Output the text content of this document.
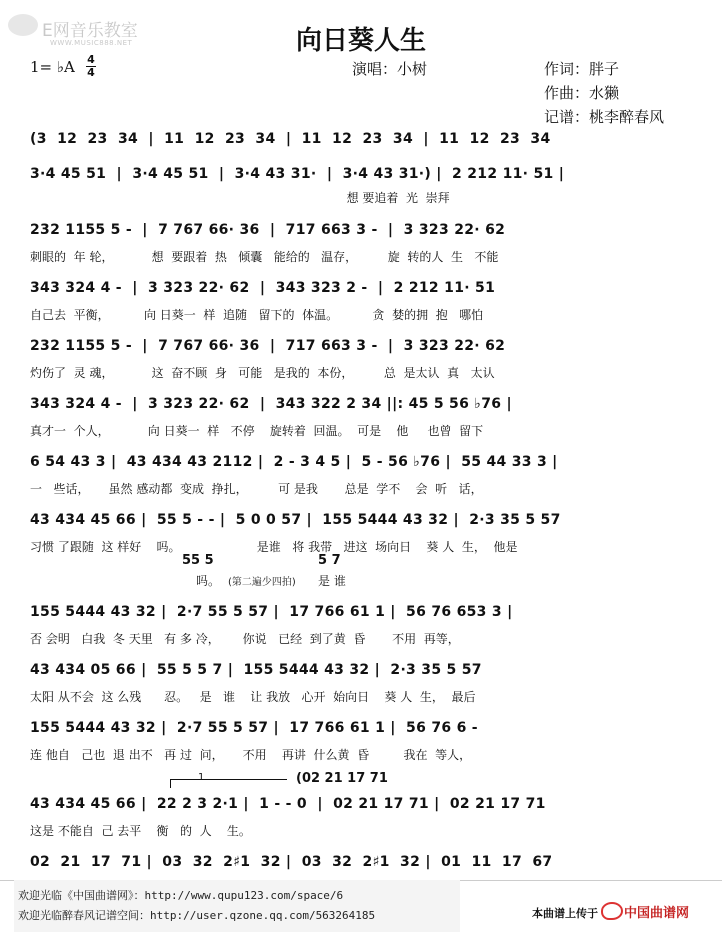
E网音乐教室
WWW.MUSIC888.NET	向日葵人生
1= ♭A 4
4	演唱：小树	作词：胖子
作曲：水獭
记谱：桃李醉春风
(3  12  23  34  |  11  12  23  34  |  11  12  23  34  |  11  12  23  34
3·4 45 51  |  3·4 45 51  |  3·4 43 31·  |  3·4 43 31·) |  2 212 11· 51 |
想 要追着  光  崇拜
232 1155 5 -  |  7 767 66· 36  |  717 663 3 -  |  3 323 22· 62
刺眼的  年 轮，          想  要跟着  热   倾囊   能给的   温存，        旋  转的人  生   不能
343 324 4 -  |  3 323 22· 62  |  343 323 2 -  |  2 212 11· 51
自己去  平衡，         向 日葵一  样  追随   留下的  体温。         贪  婪的拥  抱   哪怕
232 1155 5 -  |  7 767 66· 36  |  717 663 3 -  |  3 323 22· 62
灼伤了  灵 魂，          这  奋不顾  身   可能   是我的  本份，        总  是太认  真   太认
343 324 4 -  |  3 323 22· 62  |  343 322 2 34 ||: 45 5 56 ♭76 |
真才一  个人，          向 日葵一  样   不停    旋转着  回温。  可是    他     也曾  留下
6 54 43 3 |  43 434 43 2112 |  2 - 3 4 5 |  5 - 56 ♭76 |  55 44 33 3 |
一   些话，     虽然 感动都  变成  挣扎，        可 是我       总是  学不    会  听   话，
43 434 45 66 |  55 5 - - |  5 0 0 57 |  155 5444 43 32 |  2·3 35 5 57
习惯 了跟随  这 样好    吗。                    是谁   将 我带   进这  场向日    葵 人  生，  他是
55 5	5 7
吗。 (第二遍少四拍) 是 谁
155 5444 43 32 |  2·7 55 5 57 |  17 766 61 1 |  56 76 653 3 |
否 会明   白我  冬 天里   有 多 冷，      你说   已经  到了黄  昏       不用  再等，
43 434 05 66 |  55 5 5 7 |  155 5444 43 32 |  2·3 35 5 57
太阳 从不会  这 么残      忍。   是   谁    让 我放   心开  始向日    葵 人  生，  最后
155 5444 43 32 |  2·7 55 5 57 |  17 766 61 1 |  56 76 6 -
连 他自   己也  退 出不   再 过  问，     不用    再讲  什么黄  昏         我在  等人，
1	(02 21 17 71
43 434 45 66 |  22 2 3 2·1 |  1 - - 0  |  02 21 17 71 |  02 21 17 71
这是 不能自  己 去平    衡   的  人    生。
02  21  17  71 |  03  32  2♯1  32 |  03  32  2♯1  32 |  01  11  17  67
欢迎光临《中国曲谱网》：http://www.qupu123.com/space/6
欢迎光临醉春风记谱空间：http://user.qzone.qq.com/563264185	本曲谱上传于 中国曲谱网
